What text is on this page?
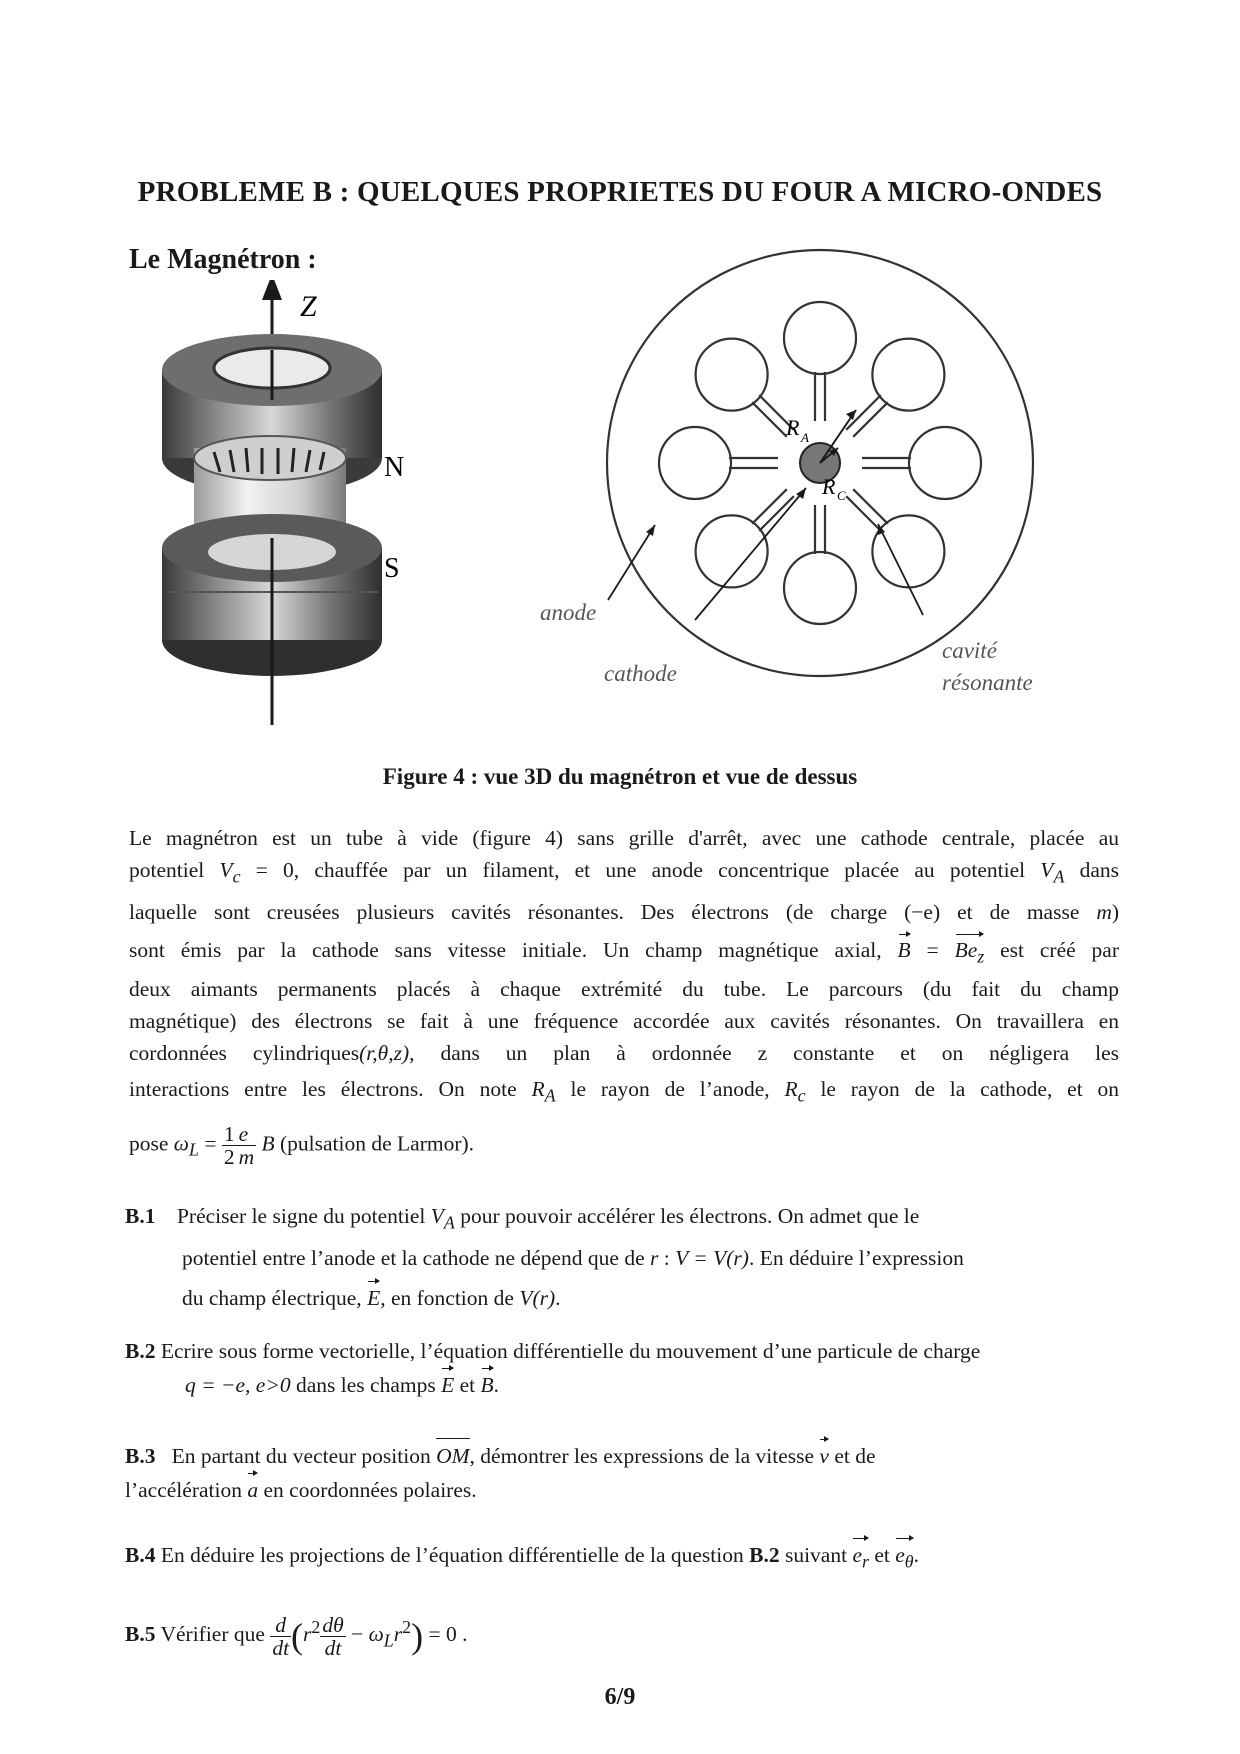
PROBLEME B : QUELQUES PROPRIETES DU FOUR A MICRO-ONDES
Le Magnétron :
Z
N
S
R A
R C
anode
cathode
cavité
résonante
Figure 4 : vue 3D du magnétron et vue de dessus
Le magnétron est un tube à vide (figure 4) sans grille d'arrêt, avec une cathode centrale, placée au
potentiel $V_c = 0$, chauffée par un filament, et une anode concentrique placée au potentiel $V_A$ dans
laquelle sont creusées plusieurs cavités résonantes. Des électrons (de charge (−e) et de masse m)
sont émis par la cathode sans vitesse initiale. Un champ magnétique axial, $B = Be_z$ est créé par
deux aimants permanents placés à chaque extrémité du tube. Le parcours (du fait du champ
magnétique) des électrons se fait à une fréquence accordée aux cavités résonantes. On travaillera en
cordonnées cylindriques(r,θ,z), dans un plan à ordonnée z constante et on négligera les
interactions entre les électrons. On note $R_A$ le rayon de l’anode, $R_c$ le rayon de la cathode, et on
pose $\omega_L = \frac{1}{2} \frac{e}{m}$ B (pulsation de Larmor).
B.1 Préciser le signe du potentiel $V_A$ pour pouvoir accélérer les électrons. On admet que le
potentiel entre l’anode et la cathode ne dépend que de r : V = V(r). En déduire l’expression
du champ électrique, E, en fonction de V(r).
B.2 Ecrire sous forme vectorielle, l’équation différentielle du mouvement d’une particule de charge
q = −e, e>0 dans les champs E et B.
B.3 En partant du vecteur position OM, démontrer les expressions de la vitesse v et de
l’accélération a en coordonnées polaires.
B.4 En déduire les projections de l’équation différentielle de la question B.2 suivant $e_r$ et $e_\theta$.
B.5 Vérifier que $\frac{d}{dt} (r^2 \frac{d\theta}{dt} - \omega_Lr^2) = 0$ .
6/9
